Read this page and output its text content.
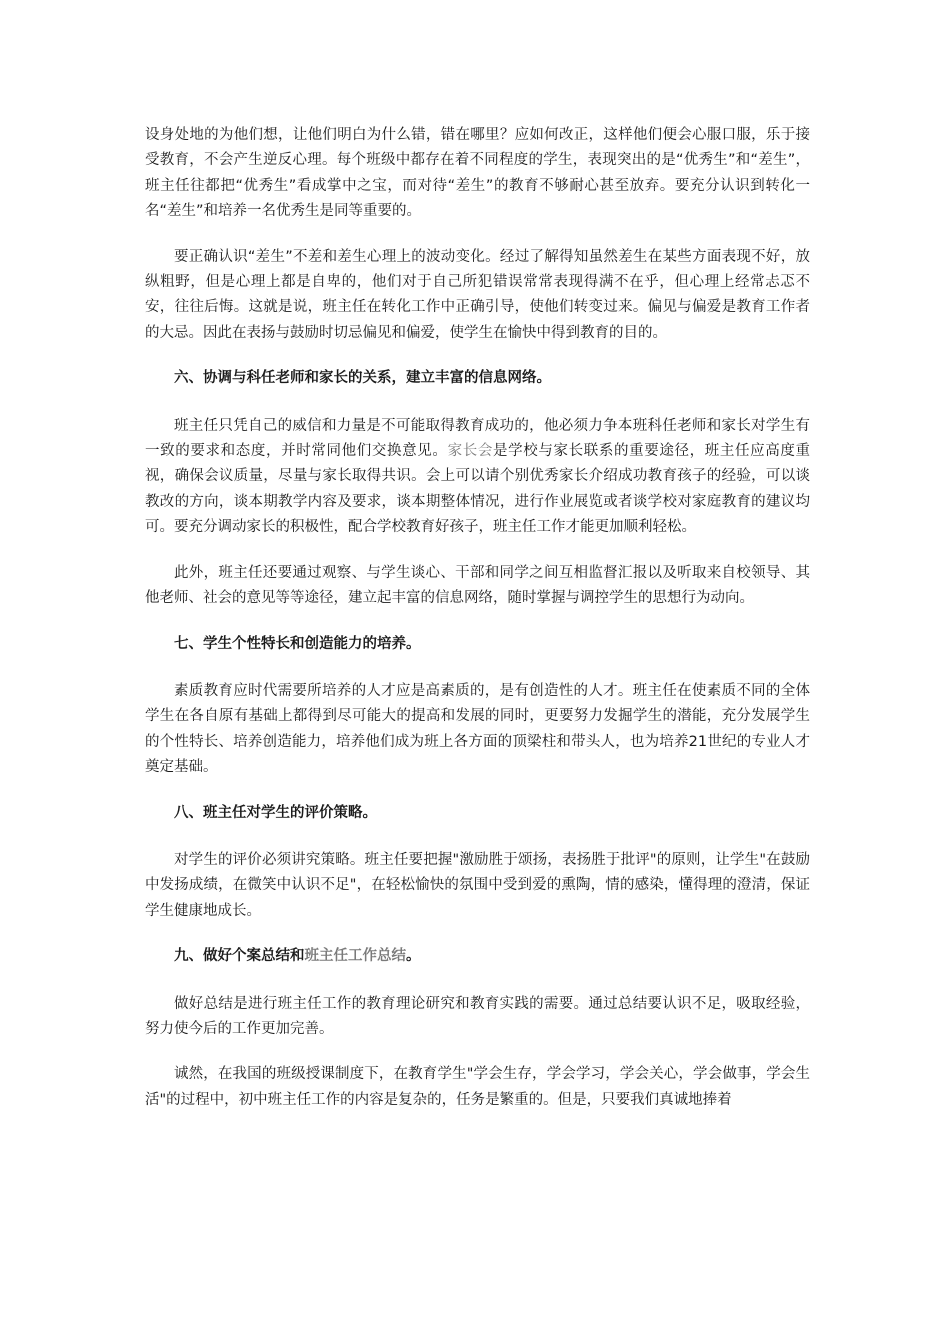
设身处地的为他们想，让他们明白为什么错，错在哪里？应如何改正，这样他们便会心服口服，乐于接受教育，不会产生逆反心理。每个班级中都存在着不同程度的学生，表现突出的是“优秀生”和“差生”，班主任往都把“优秀生”看成掌中之宝，而对待“差生”的教育不够耐心甚至放弃。要充分认识到转化一名“差生”和培养一名优秀生是同等重要的。

要正确认识“差生”不差和差生心理上的波动变化。经过了解得知虽然差生在某些方面表现不好，放纵粗野，但是心理上都是自卑的，他们对于自己所犯错误常常表现得满不在乎，但心理上经常忐忑不安，往往后悔。这就是说，班主任在转化工作中正确引导，使他们转变过来。偏见与偏爱是教育工作者的大忌。因此在表扬与鼓励时切忌偏见和偏爱，使学生在愉快中得到教育的目的。

六、协调与科任老师和家长的关系，建立丰富的信息网络。

班主任只凭自己的威信和力量是不可能取得教育成功的，他必须力争本班科任老师和家长对学生有一致的要求和态度，并时常同他们交换意见。家长会是学校与家长联系的重要途径，班主任应高度重视，确保会议质量，尽量与家长取得共识。会上可以请个别优秀家长介绍成功教育孩子的经验，可以谈教改的方向，谈本期教学内容及要求，谈本期整体情况，进行作业展览或者谈学校对家庭教育的建议均可。要充分调动家长的积极性，配合学校教育好孩子，班主任工作才能更加顺利轻松。

此外，班主任还要通过观察、与学生谈心、干部和同学之间互相监督汇报以及听取来自校领导、其他老师、社会的意见等等途径，建立起丰富的信息网络，随时掌握与调控学生的思想行为动向。

七、学生个性特长和创造能力的培养。

素质教育应时代需要所培养的人才应是高素质的，是有创造性的人才。班主任在使素质不同的全体学生在各自原有基础上都得到尽可能大的提高和发展的同时，更要努力发掘学生的潜能，充分发展学生的个性特长、培养创造能力，培养他们成为班上各方面的顶梁柱和带头人，也为培养21世纪的专业人才奠定基础。

八、班主任对学生的评价策略。

对学生的评价必须讲究策略。班主任要把握"激励胜于颂扬，表扬胜于批评"的原则，让学生"在鼓励中发扬成绩，在微笑中认识不足"，在轻松愉快的氛围中受到爱的熏陶，情的感染，懂得理的澄清，保证学生健康地成长。

九、做好个案总结和班主任工作总结。

做好总结是进行班主任工作的教育理论研究和教育实践的需要。通过总结要认识不足，吸取经验，努力使今后的工作更加完善。

诚然，在我国的班级授课制度下，在教育学生"学会生存，学会学习，学会关心，学会做事，学会生活"的过程中，初中班主任工作的内容是复杂的，任务是繁重的。但是，只要我们真诚地捧着
